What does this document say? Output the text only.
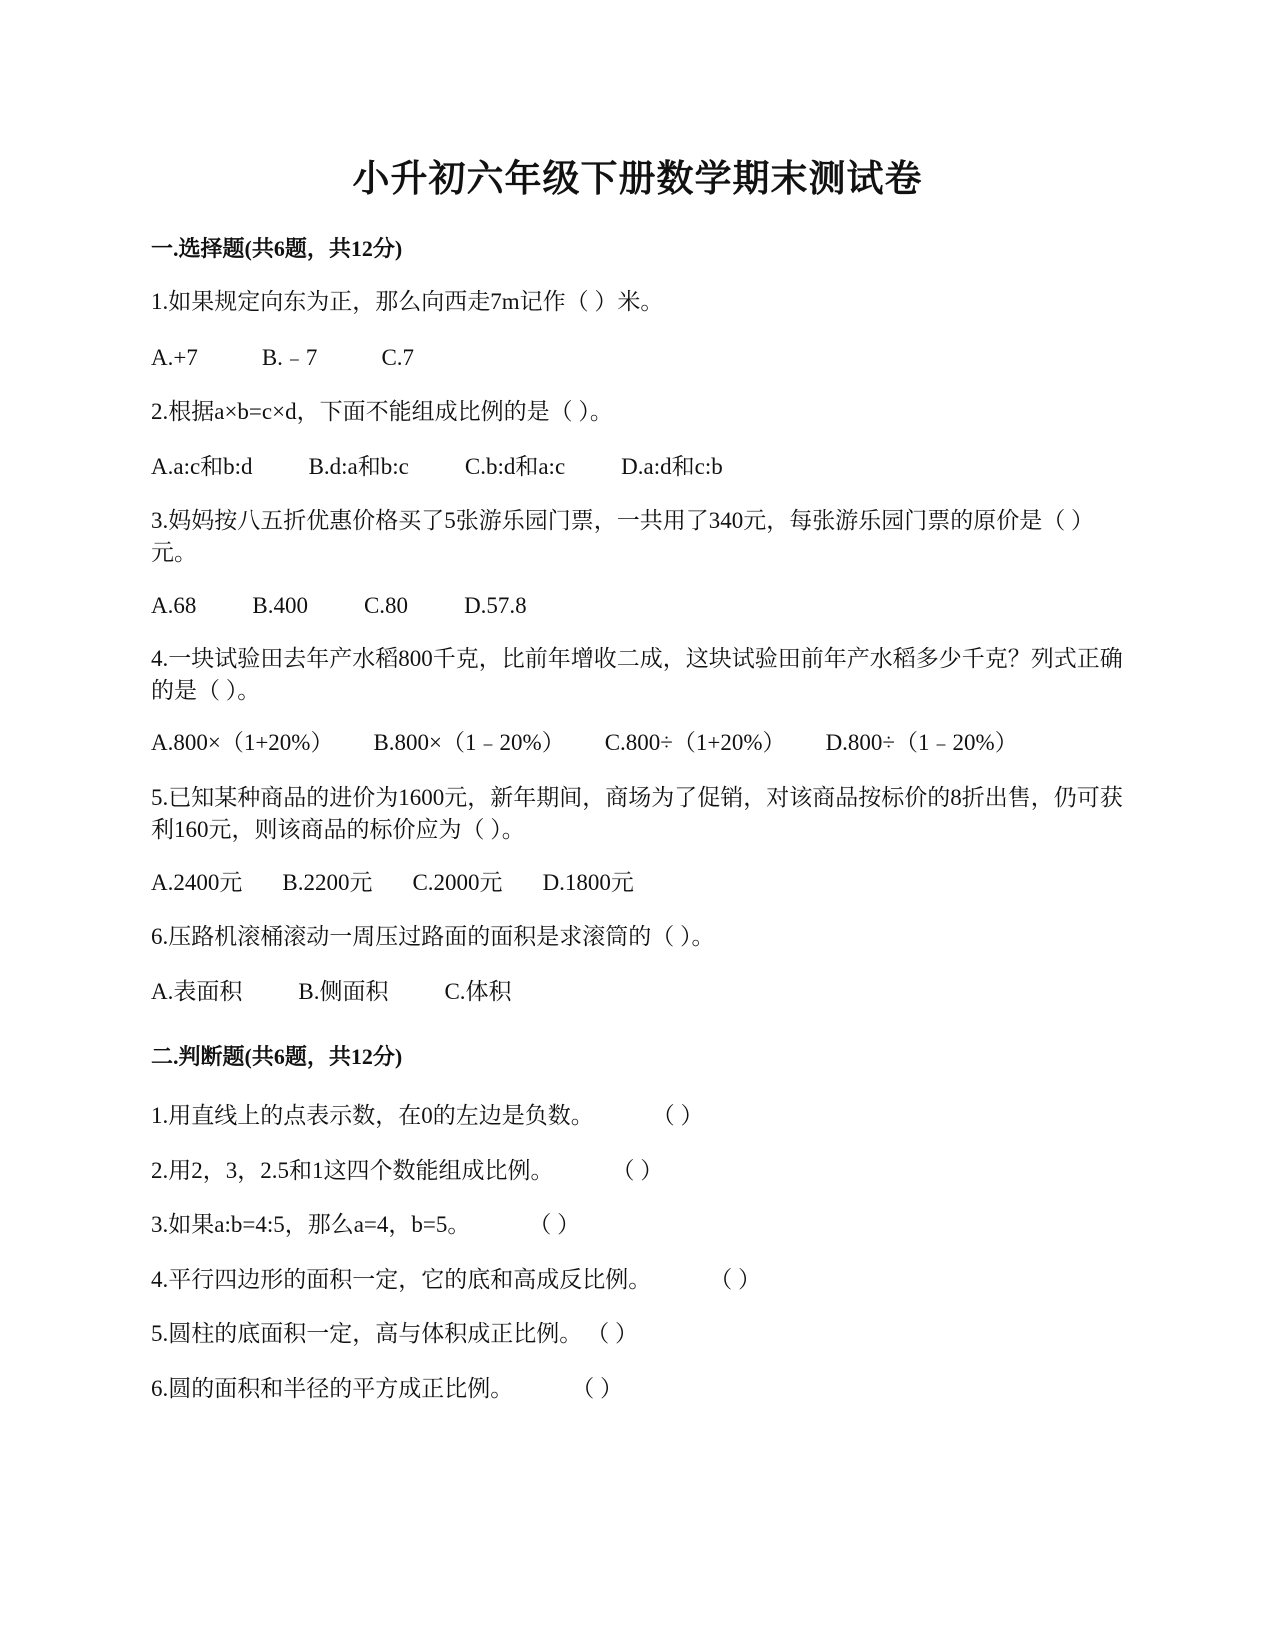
小升初六年级下册数学期末测试卷
一.选择题(共6题，共12分)

1.如果规定向东为正，那么向西走7m记作（ ）米。

A.+7	B.﹣7	C.7

2.根据a×b=c×d，下面不能组成比例的是（ ）。

A.a:c和b:d B.d:a和b:c C.b:d和a:c D.a:d和c:b

3.妈妈按八五折优惠价格买了5张游乐园门票，一共用了340元，每张游乐园门票的原价是（ ）元。

A.68 B.400 C.80 D.57.8

4.一块试验田去年产水稻800千克，比前年增收二成，这块试验田前年产水稻多少千克？列式正确的是（ ）。

A.800×（1+20%） B.800×（1﹣20%） C.800÷（1+20%） D.800÷（1﹣20%）

5.已知某种商品的进价为1600元，新年期间，商场为了促销，对该商品按标价的8折出售，仍可获利160元，则该商品的标价应为（ ）。

A.2400元 B.2200元 C.2000元 D.1800元

6.压路机滚桶滚动一周压过路面的面积是求滚筒的（ ）。

A.表面积 B.侧面积 C.体积

二.判断题(共6题，共12分)

1.用直线上的点表示数，在0的左边是负数。	（ ）

2.用2，3，2.5和1这四个数能组成比例。	（ ）

3.如果a:b=4:5，那么a=4，b=5。	（ ）

4.平行四边形的面积一定，它的底和高成反比例。	（ ）

5.圆柱的底面积一定，高与体积成正比例。 （ ）

6.圆的面积和半径的平方成正比例。	（ ）
